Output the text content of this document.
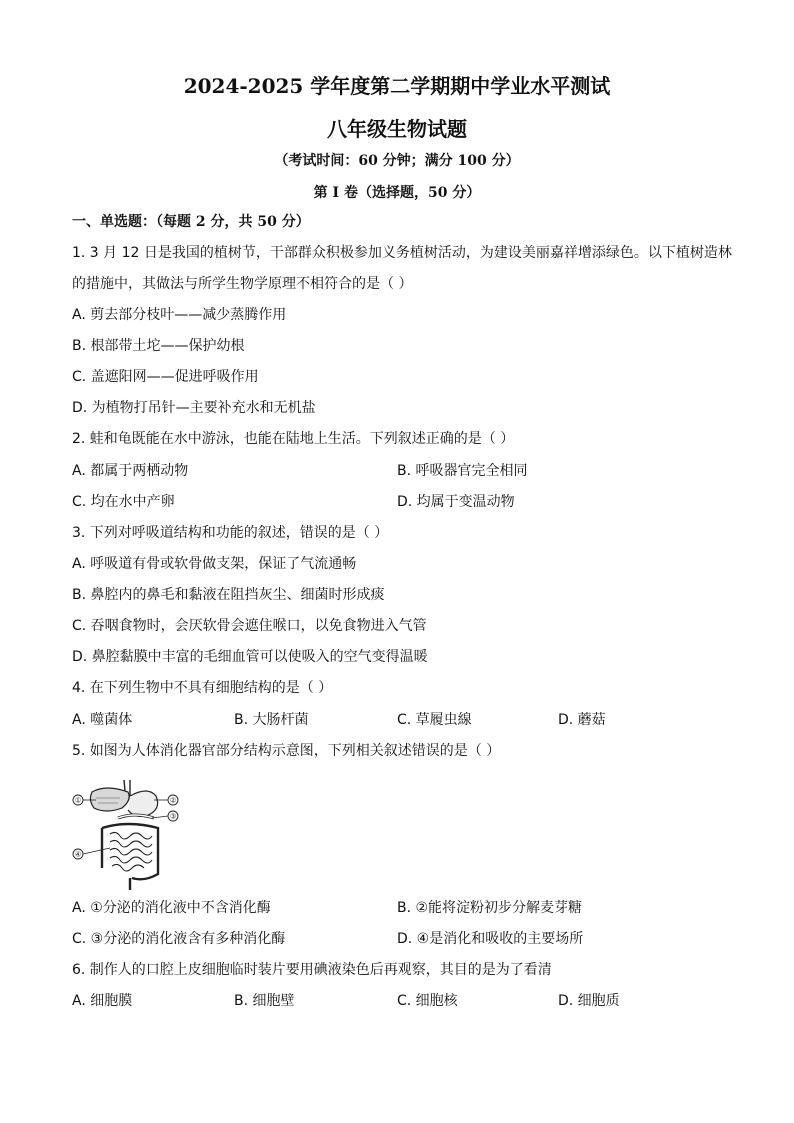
2024-2025 学年度第二学期期中学业水平测试
八年级生物试题
（考试时间：60 分钟；满分 100 分）
第 I 卷（选择题，50 分）
一、单选题：（每题 2 分，共 50 分）
1. 3 月 12 日是我国的植树节，干部群众积极参加义务植树活动，为建设美丽嘉祥增添绿色。以下植树造林
的措施中，其做法与所学生物学原理不相符合的是（ ）
A. 剪去部分枝叶——减少蒸腾作用
B. 根部带土坨——保护幼根
C. 盖遮阳网——促进呼吸作用
D. 为植物打吊针—主要补充水和无机盐
2. 蛙和龟既能在水中游泳，也能在陆地上生活。下列叙述正确的是（ ）
A. 都属于两栖动物	B. 呼吸器官完全相同
C. 均在水中产卵	D. 均属于变温动物
3. 下列对呼吸道结构和功能的叙述，错误的是（ ）
A. 呼吸道有骨或软骨做支架，保证了气流通畅
B. 鼻腔内的鼻毛和黏液在阻挡灰尘、细菌时形成痰
C. 吞咽食物时，会厌软骨会遮住喉口，以免食物进入气管
D. 鼻腔黏膜中丰富的毛细血管可以使吸入的空气变得温暖
4. 在下列生物中不具有细胞结构的是（ ）
A. 噬菌体	B. 大肠杆菌	C. 草履虫線	D. 蘑菇
5. 如图为人体消化器官部分结构示意图，下列相关叙述错误的是（ ）
①	②
③
④
A. ①分泌的消化液中不含消化酶	B. ②能将淀粉初步分解麦芽糖
C. ③分泌的消化液含有多种消化酶	D. ④是消化和吸收的主要场所
6. 制作人的口腔上皮细胞临时装片要用碘液染色后再观察，其目的是为了看清
A. 细胞膜	B. 细胞壁	C. 细胞核	D. 细胞质
